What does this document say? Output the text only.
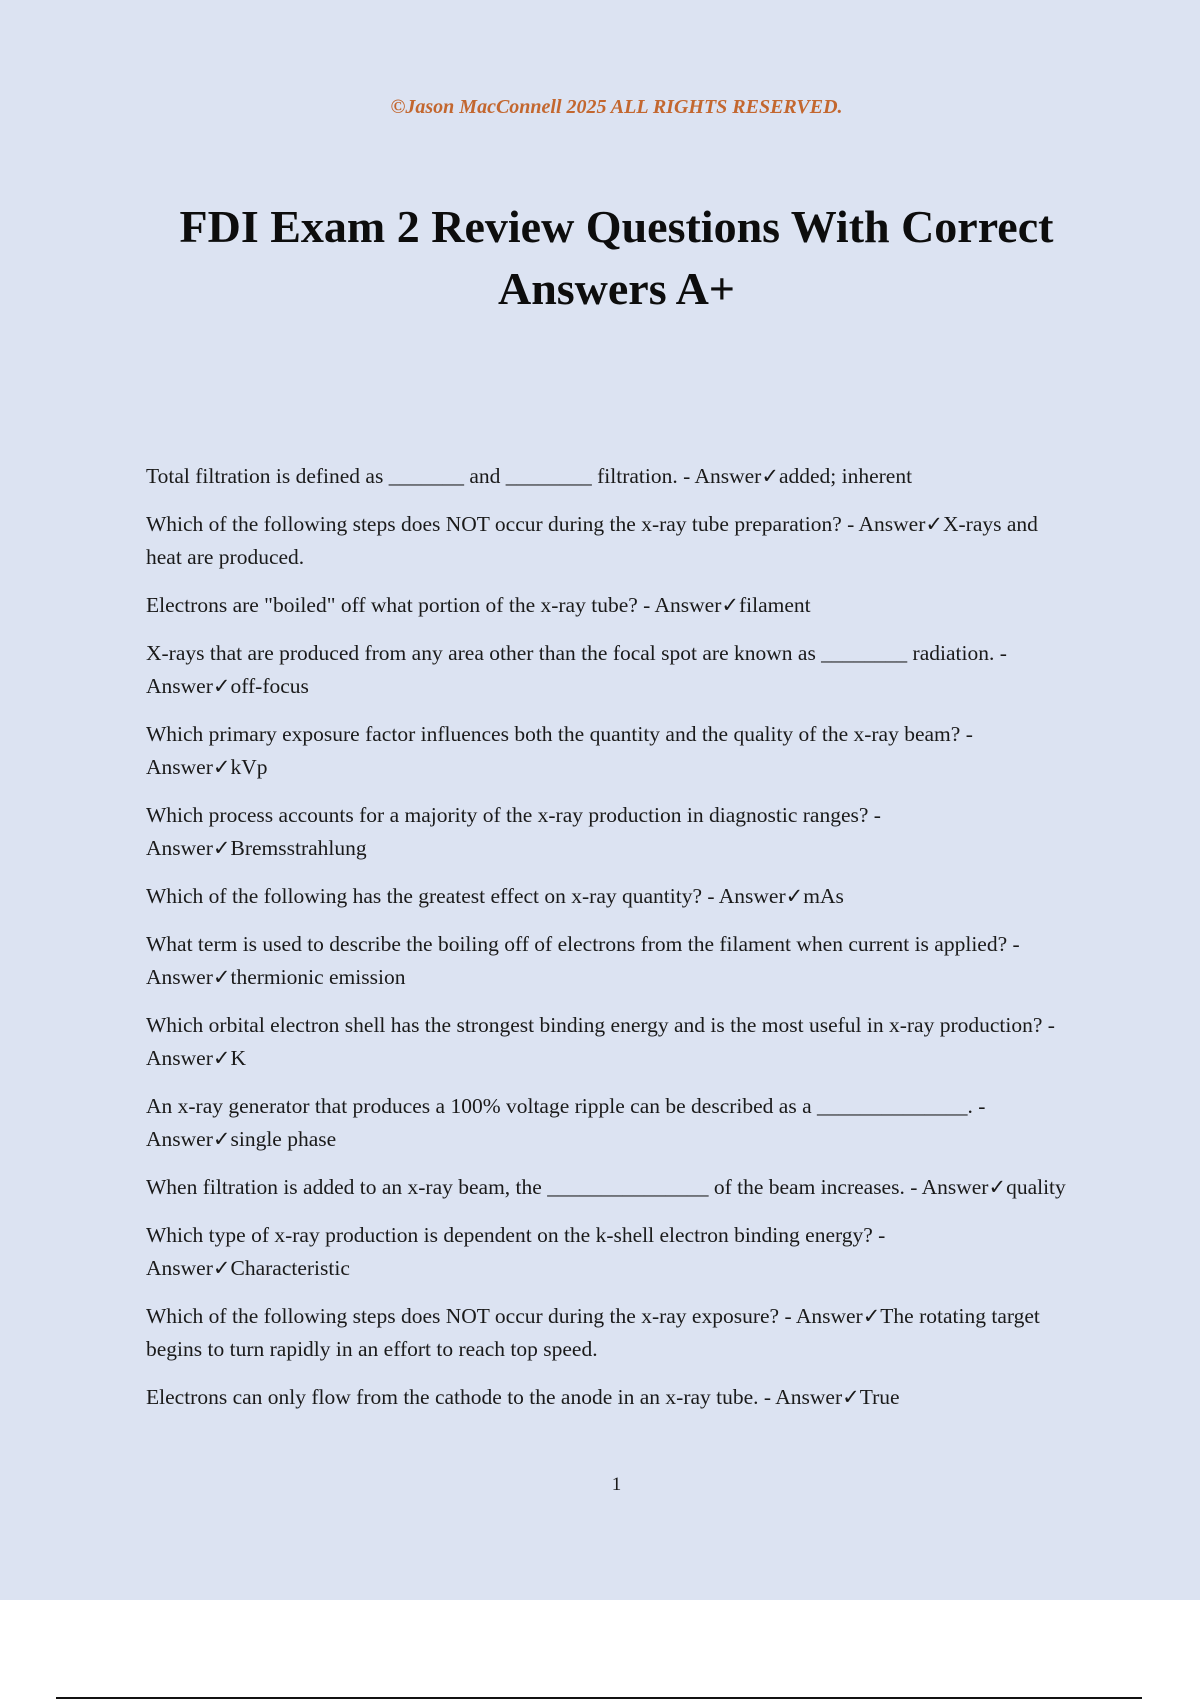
©Jason MacConnell 2025 ALL RIGHTS RESERVED.
FDI Exam 2 Review Questions With Correct Answers A+
Total filtration is defined as _______ and ________ filtration. - Answer✓added; inherent
Which of the following steps does NOT occur during the x-ray tube preparation? - Answer✓X-rays and heat are produced.
Electrons are "boiled" off what portion of the x-ray tube? - Answer✓filament
X-rays that are produced from any area other than the focal spot are known as ________ radiation. - Answer✓off-focus
Which primary exposure factor influences both the quantity and the quality of the x-ray beam? - Answer✓kVp
Which process accounts for a majority of the x-ray production in diagnostic ranges? - Answer✓Bremsstrahlung
Which of the following has the greatest effect on x-ray quantity? - Answer✓mAs
What term is used to describe the boiling off of electrons from the filament when current is applied? - Answer✓thermionic emission
Which orbital electron shell has the strongest binding energy and is the most useful in x-ray production? - Answer✓K
An x-ray generator that produces a 100% voltage ripple can be described as a ______________. - Answer✓single phase
When filtration is added to an x-ray beam, the _______________ of the beam increases. - Answer✓quality
Which type of x-ray production is dependent on the k-shell electron binding energy? - Answer✓Characteristic
Which of the following steps does NOT occur during the x-ray exposure? - Answer✓The rotating target begins to turn rapidly in an effort to reach top speed.
Electrons can only flow from the cathode to the anode in an x-ray tube. - Answer✓True
1
